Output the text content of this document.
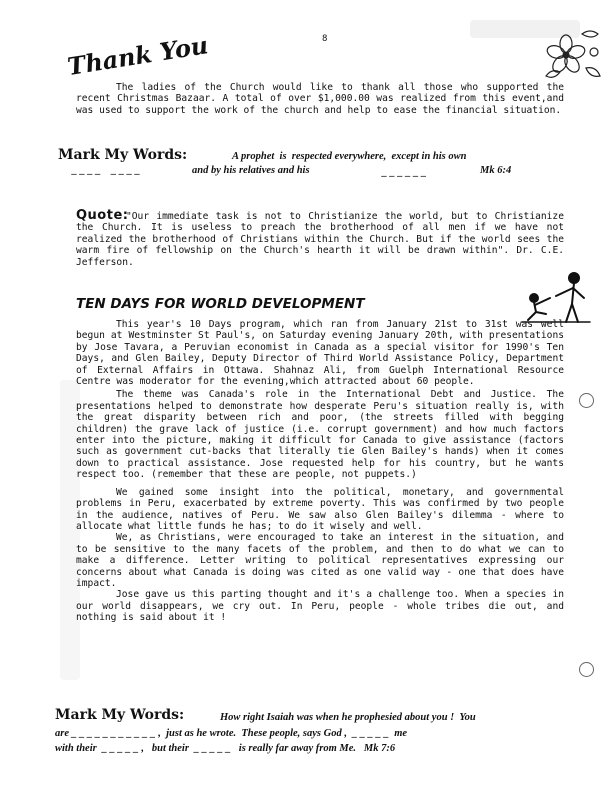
8
Thank You

The ladies of the Church would like to thank all those who supported the recent Christmas Bazaar. A total of over $1,000.00 was realized from this event,and was used to support the work of the church and help to ease the financial situation.

Mark My Words:	A prophet  is  respected everywhere,  except in his own
_ _ _ _    _ _ _ _	and by his relatives and his	_ _ _ _ _ _	Mk 6:4
Quote:

"Our immediate task is not to Christianize the world, but to Christianize the Church. It is useless to preach the brotherhood of all men if we have not realized the brotherhood of Christians within the Church. But if the world sees the warm fire of fellowship on the Church's hearth it will be drawn within". Dr. C.E. Jefferson.

TEN DAYS FOR WORLD DEVELOPMENT

This year's 10 Days program, which ran from January 21st to 31st was well begun at Westminster St Paul's, on Saturday evening January 20th, with presentations by Jose Tavara, a Peruvian economist in Canada as a special visitor for 1990's Ten Days, and Glen Bailey, Deputy Director of Third World Assistance Policy, Department of External Affairs in Ottawa. Shahnaz Ali, from Guelph International Resource Centre was moderator for the evening,which attracted about 60 people.

The theme was Canada's role in the International Debt and Justice. The presentations helped to demonstrate how desperate Peru's situation really is, with the great disparity between rich and poor, (the streets filled with begging children) the grave lack of justice (i.e. corrupt government) and how much factors enter into the picture, making it difficult for Canada to give assistance (factors such as government cut-backs that literally tie Glen Bailey's hands) when it comes down to practical assistance. Jose requested help for his country, but he wants respect too. (remember that these are people, not puppets.)

We gained some insight into the political, monetary, and governmental problems in Peru, exacerbated by extreme poverty. This was confirmed by two people in the audience, natives of Peru. We saw also Glen Bailey's dilemma - where to allocate what little funds he has; to do it wisely and well.

We, as Christians, were encouraged to take an interest in the situation, and to be sensitive to the many facets of the problem, and then to do what we can to make a difference. Letter writing to political representatives expressing our concerns about what Canada is doing was cited as one valid way - one that does have impact.

Jose gave us this parting thought and it's a challenge too. When a species in our world disappears, we cry out. In Peru, people - whole tribes die out, and nothing is said about it !

Mark My Words:	How right Isaiah was when he prophesied about you !  You
are _ _ _ _ _ _ _ _ _ _ _ ,  just as he wrote.  These people, says God ,  _ _ _ _ _  me
with their  _ _ _ _ _ ,   but their  _ _ _ _ _   is really far away from Me.   Mk 7:6
